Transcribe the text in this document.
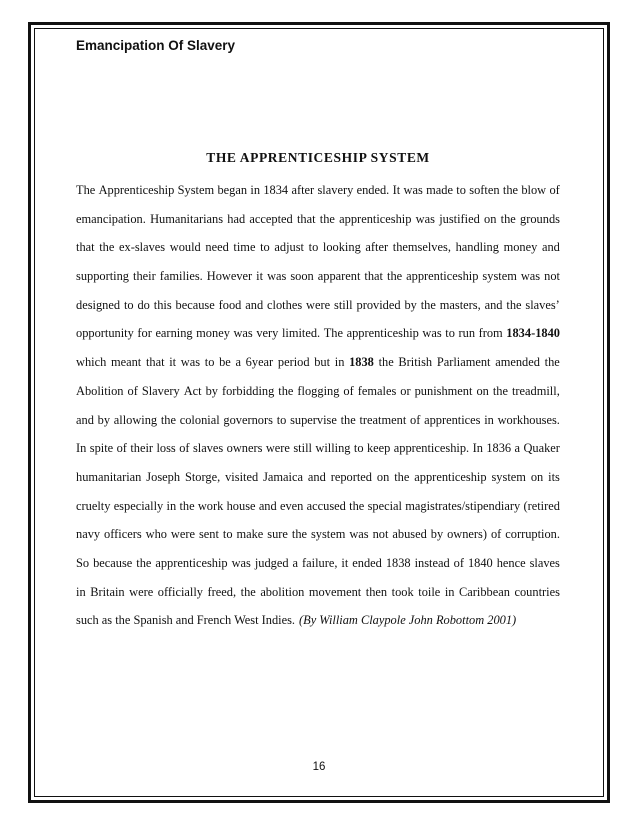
Emancipation Of Slavery
THE APPRENTICESHIP SYSTEM
The Apprenticeship System began in 1834 after slavery ended. It was made to soften the blow of
emancipation. Humanitarians had accepted that the apprenticeship was justified on the grounds
that the ex-slaves would need time to adjust to looking after themselves, handling money and
supporting their families. However it was soon apparent that the apprenticeship system was not
designed to do this because food and clothes were still provided by the masters, and the slaves’
opportunity for earning money was very limited. The apprenticeship was to run from 1834-1840
which meant that it was to be a 6year period but in 1838 the British Parliament amended the
Abolition of Slavery Act by forbidding the flogging of females or punishment on the treadmill,
and by allowing the colonial governors to supervise the treatment of apprentices in workhouses.
In spite of their loss of slaves owners were still willing to keep apprenticeship. In 1836 a Quaker
humanitarian Joseph Storge, visited Jamaica and reported on the apprenticeship system on its
cruelty especially in the work house and even accused the special magistrates/stipendiary (retired
navy officers who were sent to make sure the system was not abused by owners) of corruption.
So because the apprenticeship was judged a failure, it ended 1838 instead of 1840 hence slaves
in Britain were officially freed, the abolition movement then took toile in Caribbean countries
such as the Spanish and French West Indies. (By William Claypole John Robottom 2001)
16
